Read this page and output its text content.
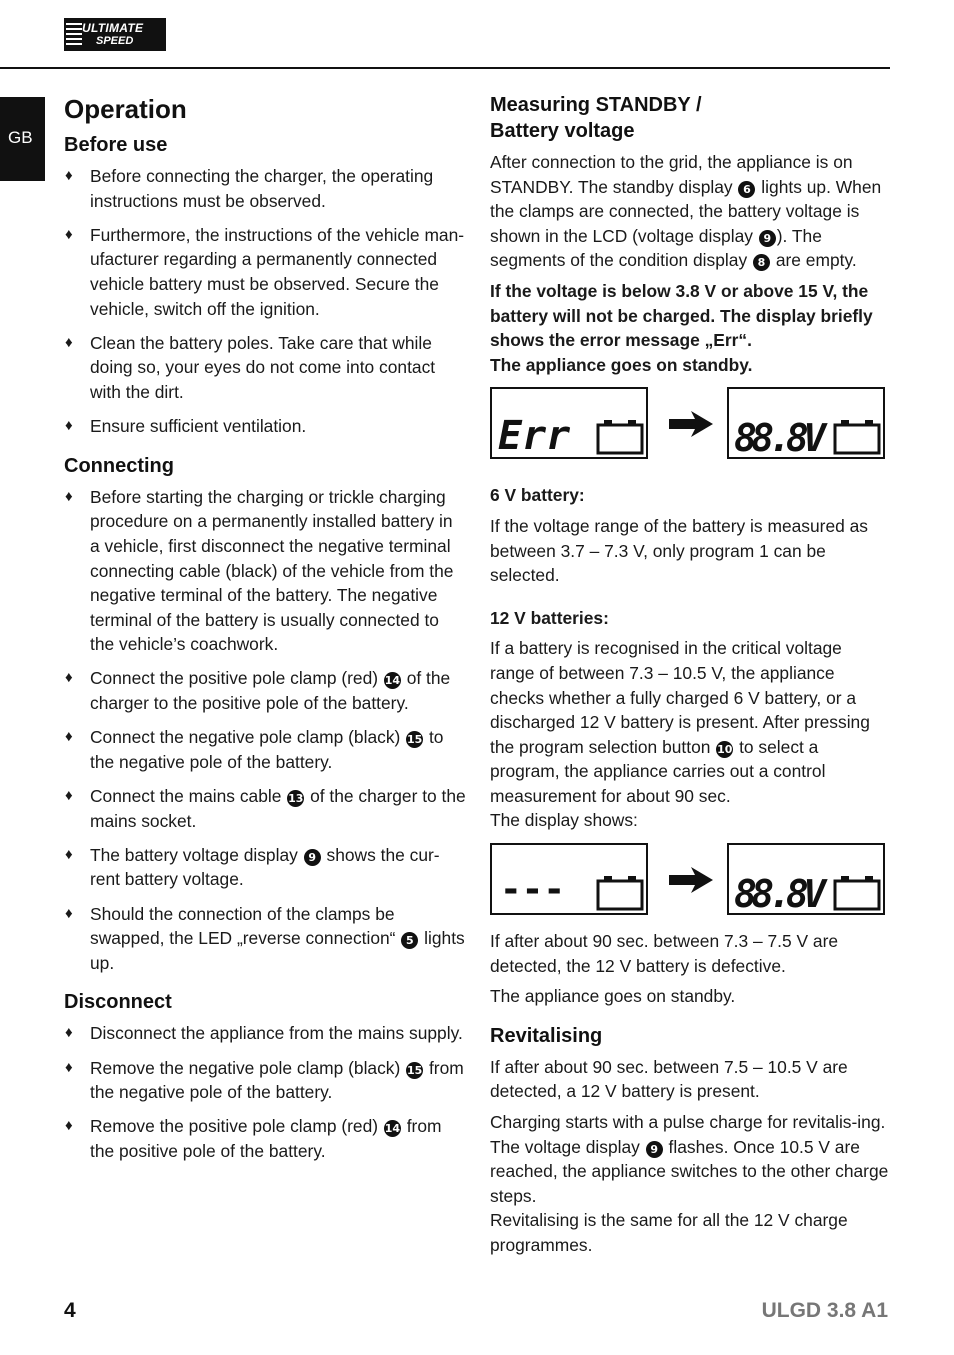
ULTIMATE
SPEED
GB
Operation
Before use
♦ Before connecting the charger, the operating instructions must be observed.
♦ Furthermore, the instructions of the vehicle man-ufacturer regarding a permanently connected vehicle battery must be observed. Secure the vehicle, switch off the ignition.
♦ Clean the battery poles. Take care that while doing so, your eyes do not come into contact with the dirt.
♦ Ensure sufficient ventilation.
Connecting
♦ Before starting the charging or trickle charging procedure on a permanently installed battery in a vehicle, first disconnect the negative terminal connecting cable (black) of the vehicle from the negative terminal of the battery. The negative terminal of the battery is usually connected to the vehicle’s coachwork.
♦ Connect the positive pole clamp (red) 14 of the charger to the positive pole of the battery.
♦ Connect the negative pole clamp (black) 15 to the negative pole of the battery.
♦ Connect the mains cable 13 of the charger to the mains socket.
♦ The battery voltage display 9 shows the cur-rent battery voltage.
♦ Should the connection of the clamps be swapped, the LED „reverse connection“ 5 lights up.
Disconnect
♦ Disconnect the appliance from the mains supply.
♦ Remove the negative pole clamp (black) 15 from the negative pole of the battery.
♦ Remove the positive pole clamp (red) 14 from the positive pole of the battery.
Measuring STANDBY /
Battery voltage

After connection to the grid, the appliance is on STANDBY. The standby display 6 lights up. When the clamps are connected, the battery voltage is shown in the LCD (voltage display 9 ). The segments of the condition display 8 are empty.

If the voltage is below 3.8 V or above 15 V, the battery will not be charged. The display briefly shows the error message „Err“.

The appliance goes on standby.

Err	88.8V

6 V battery:

If the voltage range of the battery is measured as between 3.7 – 7.3 V, only program 1 can be selected.

12 V batteries:

If a battery is recognised in the critical voltage range of between 7.3 – 10.5 V, the appliance checks whether a fully charged 6 V battery, or a discharged 12 V battery is present. After pressing the program selection button 10 to select a program, the appliance carries out a control measurement for about 90 sec.

The display shows:

---	88.8V

If after about 90 sec. between 7.3 – 7.5 V are detected, the 12 V battery is defective.

The appliance goes on standby.

Revitalising

If after about 90 sec. between 7.5 – 10.5 V are detected, a 12 V battery is present.

Charging starts with a pulse charge for revitalis-ing. The voltage display 9 flashes. Once 10.5 V are reached, the appliance switches to the other charge steps.

Revitalising is the same for all the 12 V charge programmes.

4	ULGD 3.8 A1
